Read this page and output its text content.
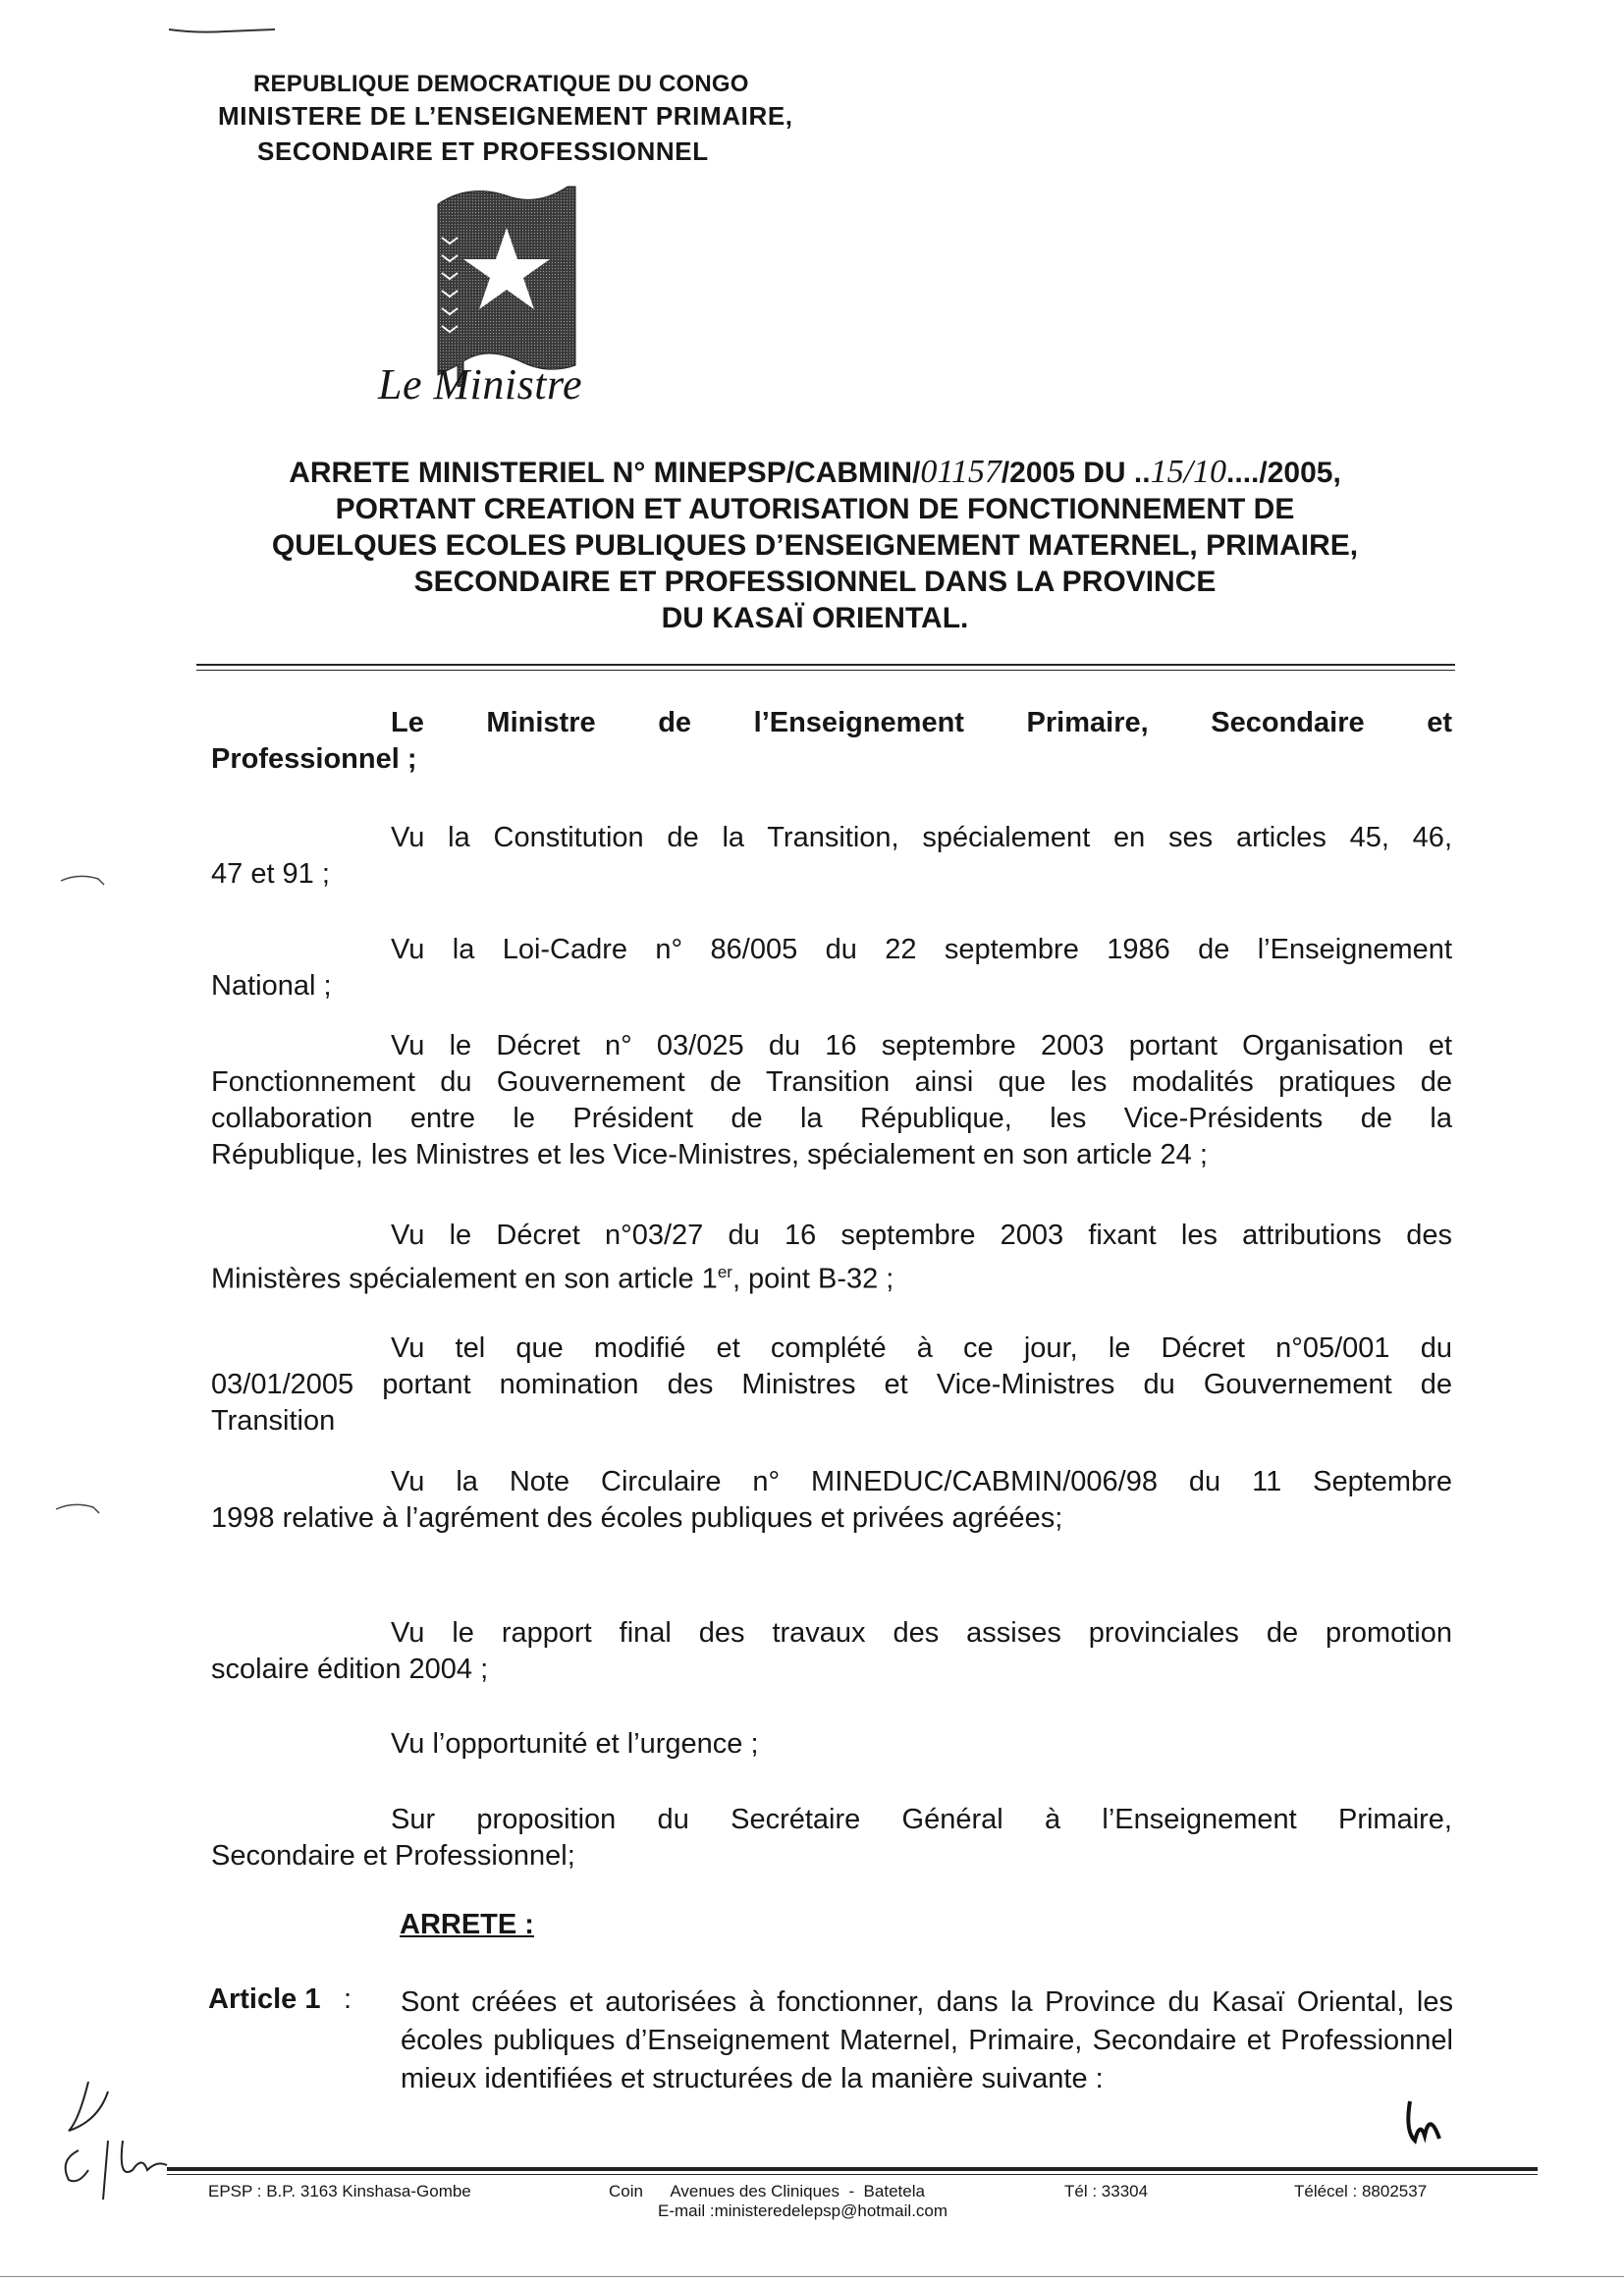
REPUBLIQUE DEMOCRATIQUE DU CONGO
MINISTERE DE L’ENSEIGNEMENT PRIMAIRE,
SECONDAIRE ET PROFESSIONNEL
Le Ministre
ARRETE MINISTERIEL N° MINEPSP/CABMIN/01157/2005 DU ..15/10..../2005,
PORTANT CREATION ET AUTORISATION DE FONCTIONNEMENT DE
QUELQUES ECOLES PUBLIQUES D’ENSEIGNEMENT MATERNEL, PRIMAIRE,
SECONDAIRE ET PROFESSIONNEL DANS LA PROVINCE
DU KASAÏ ORIENTAL.
Le Ministre de l’Enseignement Primaire, Secondaire et
Professionnel ;
Vu la Constitution de la Transition, spécialement en ses articles 45, 46,
47 et 91 ;
Vu la Loi-Cadre n° 86/005 du 22 septembre 1986 de l’Enseignement
National ;
Vu le Décret n° 03/025 du 16 septembre 2003 portant Organisation et
Fonctionnement du Gouvernement de Transition ainsi que les modalités pratiques de
collaboration entre le Président de la République, les Vice-Présidents de la
République, les Ministres et les Vice-Ministres, spécialement en son article 24 ;
Vu le Décret n°03/27 du 16 septembre 2003 fixant les attributions des
Ministères spécialement en son article 1er, point B-32 ;
Vu tel que modifié et complété à ce jour, le Décret n°05/001 du
03/01/2005 portant nomination des Ministres et Vice-Ministres du Gouvernement de
Transition
Vu la Note Circulaire n° MINEDUC/CABMIN/006/98 du 11 Septembre
1998 relative à l’agrément des écoles publiques et privées agréées;
Vu le rapport final des travaux des assises provinciales de promotion
scolaire édition 2004 ;
Vu l’opportunité et l’urgence ;
Sur proposition du Secrétaire Général à l’Enseignement Primaire,
Secondaire et Professionnel;
ARRETE :
Article 1 : Sont créées et autorisées à fonctionner, dans la Province du Kasaï Oriental, les écoles publiques d’Enseignement Maternel, Primaire, Secondaire et Professionnel mieux identifiées et structurées de la manière suivante :
EPSP : B.P. 3163 Kinshasa-Gombe	Coin      Avenues des Cliniques  -  Batetela	Tél : 33304	Télécel : 8802537
E-mail :ministeredelepsp@hotmail.com
